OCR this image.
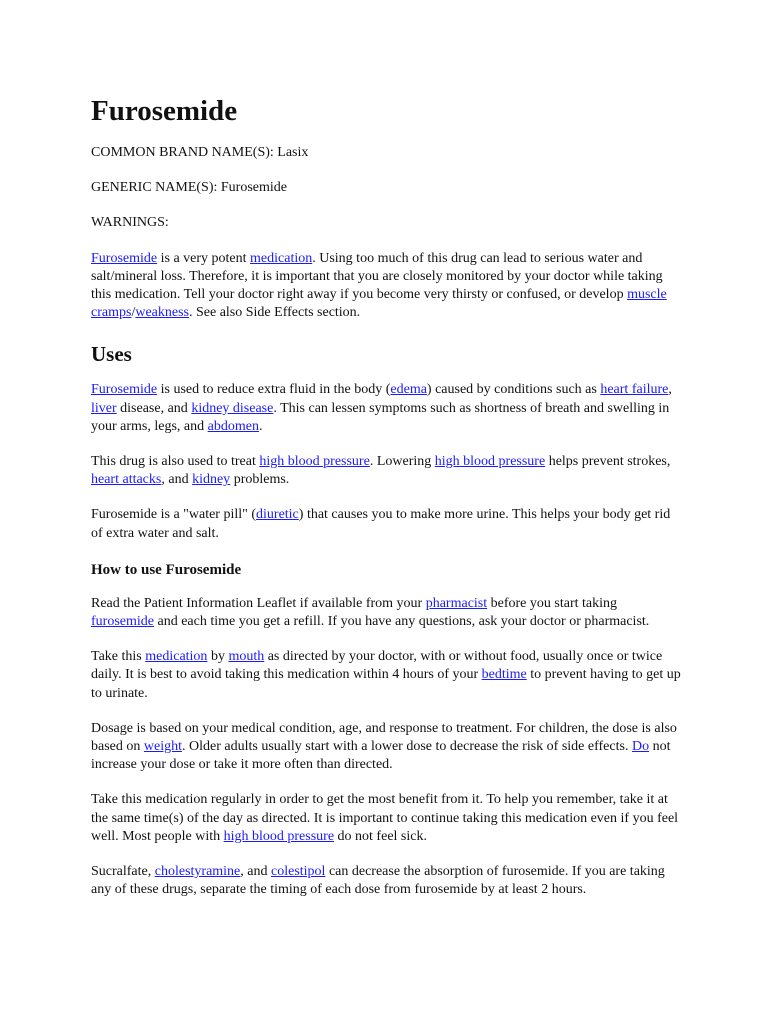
Furosemide

COMMON BRAND NAME(S): Lasix

GENERIC NAME(S): Furosemide

WARNINGS:

Furosemide is a very potent medication. Using too much of this drug can lead to serious water and salt/mineral loss. Therefore, it is important that you are closely monitored by your doctor while taking this medication. Tell your doctor right away if you become very thirsty or confused, or develop muscle cramps/weakness. See also Side Effects section.

Uses

Furosemide is used to reduce extra fluid in the body (edema) caused by conditions such as heart failure, liver disease, and kidney disease. This can lessen symptoms such as shortness of breath and swelling in your arms, legs, and abdomen.

This drug is also used to treat high blood pressure. Lowering high blood pressure helps prevent strokes, heart attacks, and kidney problems.

Furosemide is a "water pill" (diuretic) that causes you to make more urine. This helps your body get rid of extra water and salt.

How to use Furosemide

Read the Patient Information Leaflet if available from your pharmacist before you start taking furosemide and each time you get a refill. If you have any questions, ask your doctor or pharmacist.

Take this medication by mouth as directed by your doctor, with or without food, usually once or twice daily. It is best to avoid taking this medication within 4 hours of your bedtime to prevent having to get up to urinate.

Dosage is based on your medical condition, age, and response to treatment. For children, the dose is also based on weight. Older adults usually start with a lower dose to decrease the risk of side effects. Do not increase your dose or take it more often than directed.

Take this medication regularly in order to get the most benefit from it. To help you remember, take it at the same time(s) of the day as directed. It is important to continue taking this medication even if you feel well. Most people with high blood pressure do not feel sick.

Sucralfate, cholestyramine, and colestipol can decrease the absorption of furosemide. If you are taking any of these drugs, separate the timing of each dose from furosemide by at least 2 hours.
